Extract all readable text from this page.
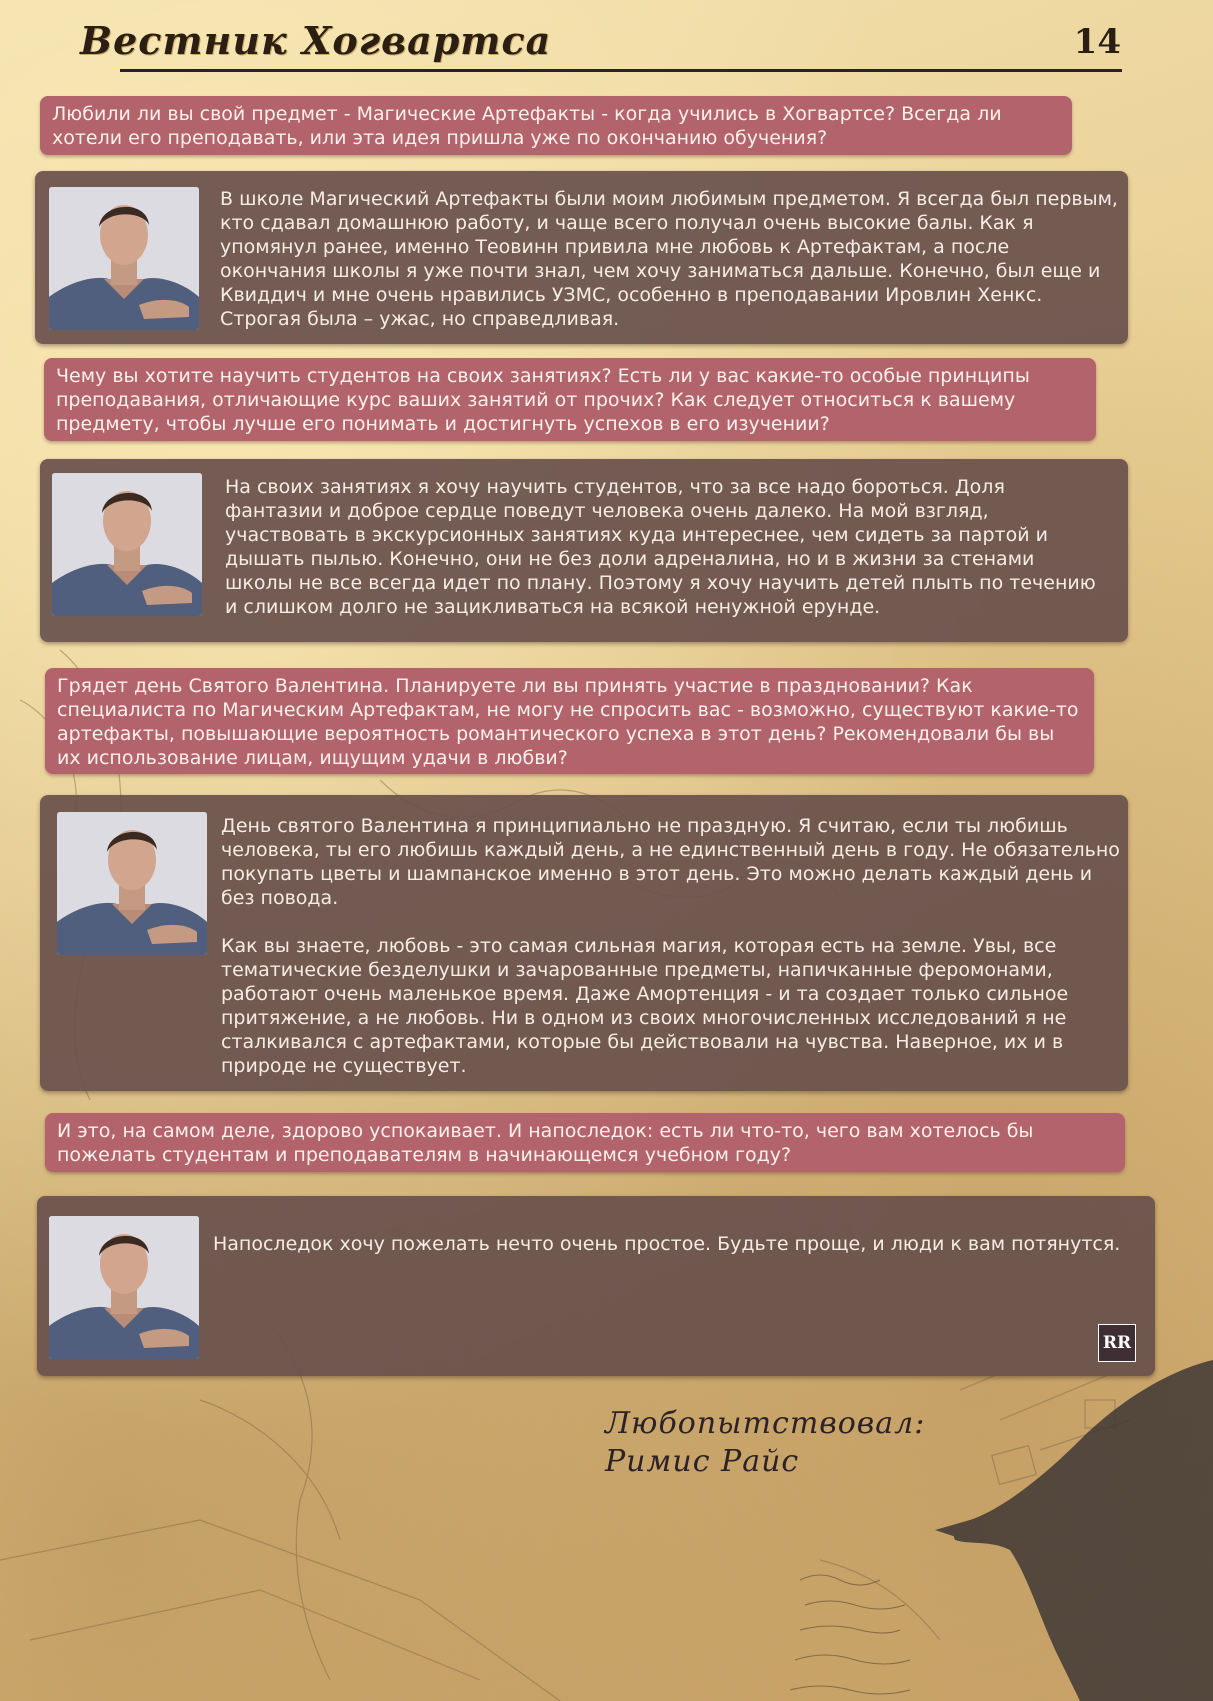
Вестник Хогвартса	14
Любили ли вы свой предмет - Магические Артефакты - когда учились в Хогвартсе? Всегда ли хотели его преподавать, или эта идея пришла уже по окончанию обучения?
В школе Магический Артефакты были моим любимым предметом. Я всегда был первым, кто сдавал домашнюю работу, и чаще всего получал очень высокие балы. Как я упомянул ранее, именно Теовинн привила мне любовь к Артефактам, а после окончания школы я уже почти знал, чем хочу заниматься дальше. Конечно, был еще и Квиддич и мне очень нравились УЗМС, особенно в преподавании Ировлин Хенкс. Строгая была – ужас, но справедливая.
Чему вы хотите научить студентов на своих занятиях? Есть ли у вас какие-то особые принципы преподавания, отличающие курс ваших занятий от прочих? Как следует относиться к вашему предмету, чтобы лучше его понимать и достигнуть успехов в его изучении?
На своих занятиях я хочу научить студентов, что за все надо бороться. Доля фантазии и доброе сердце поведут человека очень далеко. На мой взгляд, участвовать в экскурсионных занятиях куда интереснее, чем сидеть за партой и дышать пылью. Конечно, они не без доли адреналина, но и в жизни за стенами школы не все всегда идет по плану. Поэтому я хочу научить детей плыть по течению и слишком долго не зацикливаться на всякой ненужной ерунде.
Грядет день Святого Валентина. Планируете ли вы принять участие в праздновании? Как специалиста по Магическим Артефактам, не могу не спросить вас - возможно, существуют какие-то артефакты, повышающие вероятность романтического успеха в этот день? Рекомендовали бы вы их использование лицам, ищущим удачи в любви?
День святого Валентина я принципиально не праздную. Я считаю, если ты любишь человека, ты его любишь каждый день, а не единственный день в году. Не обязательно покупать цветы и шампанское именно в этот день. Это можно делать каждый день и без повода.

Как вы знаете, любовь - это самая сильная магия, которая есть на земле. Увы, все тематические безделушки и зачарованные предметы, напичканные феромонами, работают очень маленькое время. Даже Амортенция - и та создает только сильное притяжение, а не любовь. Ни в одном из своих многочисленных исследований я не сталкивался с артефактами, которые бы действовали на чувства. Наверное, их и в природе не существует.
И это, на самом деле, здорово успокаивает. И напоследок: есть ли что-то, чего вам хотелось бы пожелать студентам и преподавателям в начинающемся учебном году?
Напоследок хочу пожелать нечто очень простое. Будьте проще, и люди к вам потянутся.
RR
Любопытствовал:
Римис Райс
